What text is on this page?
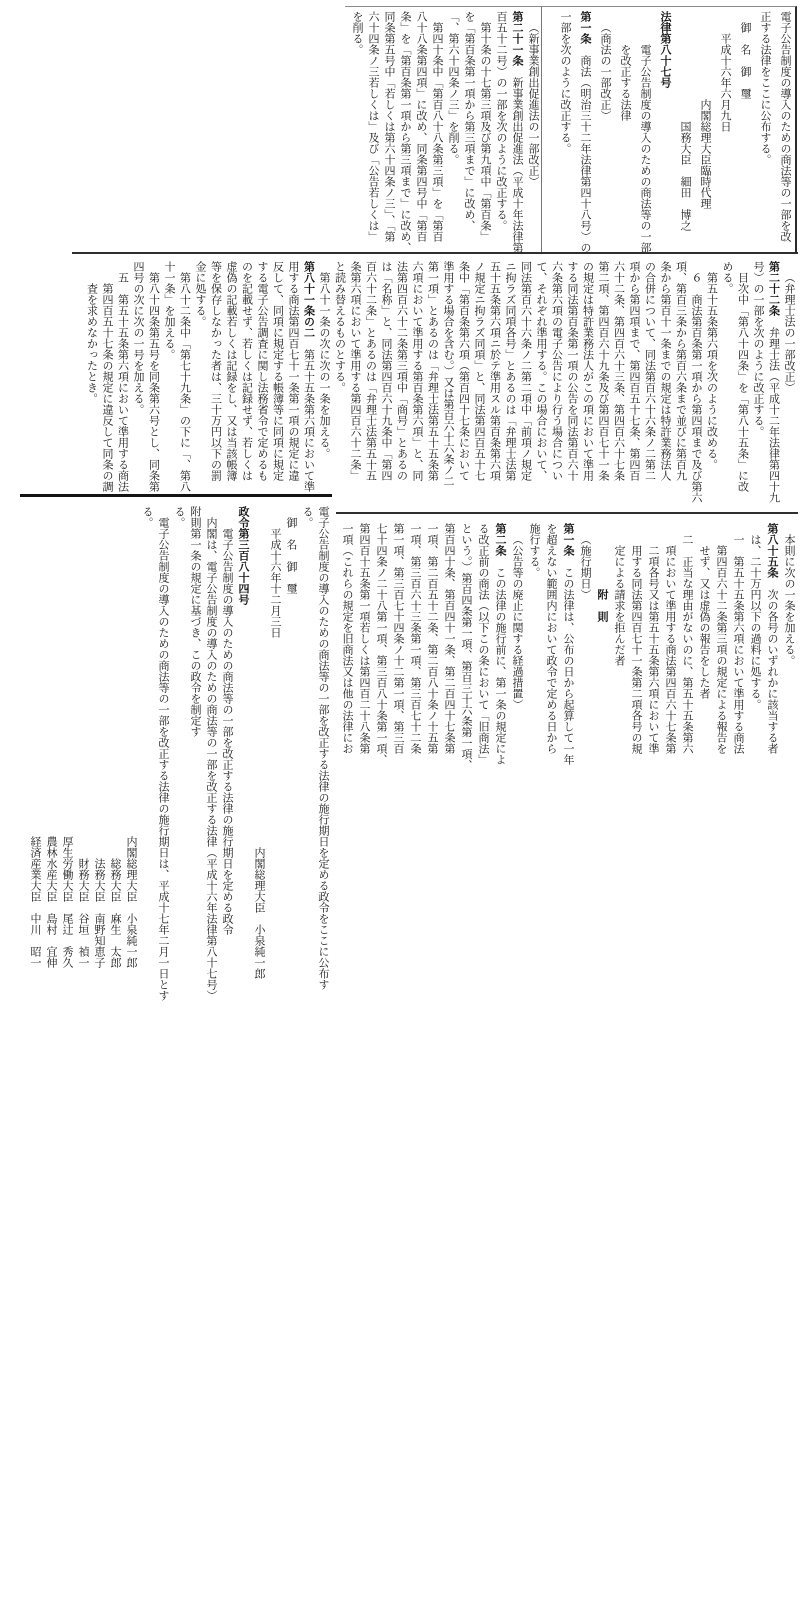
（新事業創出促進法の一部改正）

第二十一条　新事業創出促進法（平成十年法律第

百五十二号）の一部を次のように改正する。

第十条の十七第三項及び第九項中「第百条」

を「第百条第一項から第三項まで」に改め、

「、第六十四条ノ三」を削る。

第四十条中「第百八十八条第三項」を「第百

八十八条第四項」に改め、同条第四号中「第百

条」を「第百条第一項から第三項まで」に改め、

同条第五号中「若しくは第六十四条ノ三」、「第

六十四条ノ三若しくは」及び「公告若しくは」

を削る。	電子公告制度の導入のための商法等の一部を改

正する法律をここに公布する。

御　名　御　璽

平成十六年六月九日

内閣総理大臣臨時代理

国務大臣　細田　博之

法律第八十七号

電子公告制度の導入のための商法等の一部

を改正する法律

（商法の一部改正）

第一条　商法（明治三十二年法律第四十八号）の

一部を次のように改正する。

（弁理士法の一部改正）

第二十二条　弁理士法（平成十二年法律第四十九

号）の一部を次のように改正する。

目次中「第八十四条」を「第八十五条」に改

める。

第五十五条第六項を次のように改める。

６　商法第百条第一項から第四項まで及び第六

項、第百三条から第百六条まで並びに第百九

条から第百十一条までの規定は特許業務法人

の合併について、同法第百六十六条ノ二第二

項から第四項まで、第四百五十七条、第四百

六十二条、第四百六十三条、第四百六十七条

第二項、第四百六十九条及び第四百七十一条

の規定は特許業務法人がこの項において準用

する同法第百条第一項の公告を同法第百六十

六条第六項の電子公告により行う場合につい

て、それぞれ準用する。この場合において、

同法第百六十六条ノ二第二項中「前項ノ規定

ニ拘ラズ同項各号」とあるのは「弁理士法第

五十五条第六項ニ於テ準用スル第百条第六項

ノ規定ニ拘ラズ同項」と、同法第四百五十七

条中「第百条第六項（第百四十七条において

準用する場合を含む。）又は第百六十六条ノ二

第一項」とあるのは「弁理士法第五十五条第

六項において準用する第百条第六項」と、同

法第四百六十二条第三項中「商号」とあるの

は「名称」と、同法第四百六十九条中「第四

百六十二条」とあるのは「弁理士法第五十五

条第六項において準用する第四百六十二条」

と読み替えるものとする。

第八十一条の次に次の一条を加える。

第八十一条の二　第五十五条第六項において準

用する商法第四百七十一条第一項の規定に違

反して、同項に規定する帳簿等に同項に規定

する電子公告調査に関し法務省令で定めるも

のを記載せず、若しくは記録せず、若しくは

虚偽の記載若しくは記録をし、又は当該帳簿

等を保存しなかった者は、三十万円以下の罰

金に処する。

第八十二条中「第七十九条」の下に「、第八

十一条」を加える。

第八十四条第五号を同条第六号とし、同条第

四号の次に次の一号を加える。

五　第五十五条第六項において準用する商法

第四百五十七条の規定に違反して同条の調

査を求めなかったとき。

本則に次の一条を加える。

第八十五条　次の各号のいずれかに該当する者

は、二十万円以下の過料に処する。

一　第五十五条第六項において準用する商法

第四百六十二条第三項の規定による報告を

せず、又は虚偽の報告をした者

二　正当な理由がないのに、第五十五条第六

項において準用する商法第四百六十七条第

二項各号又は第五十五条第六項において準

用する同法第四百七十一条第二項各号の規

定による請求を拒んだ者

附　則

（施行期日）

第一条　この法律は、公布の日から起算して一年

を超えない範囲内において政令で定める日から

施行する。

（公告等の廃止に関する経過措置）

第二条　この法律の施行前に、第一条の規定によ

る改正前の商法（以下この条において「旧商法」

という。）第百四条第一項、第百三十六条第一項、

第百四十条、第百四十一条、第二百四十七条第

一項、第二百五十二条、第二百八十条ノ十五第

一項、第三百六十三条第一項、第三百七十二条

第一項、第三百七十四条ノ十二第一項、第三百

七十四条ノ二十八第一項、第三百八十条第一項、

第四百十五条第一項若しくは第四百二十八条第

一項（これらの規定を旧商法又は他の法律にお

電子公告制度の導入のための商法等の一部を改正する法律の施行期日を定める政令をここに公布す

る。

御　名　御　璽

平成十六年十二月三日

内閣総理大臣　小泉純一郎

政令第三百八十四号

電子公告制度の導入のための商法等の一部を改正する法律の施行期日を定める政令

内閣は、電子公告制度の導入のための商法等の一部を改正する法律（平成十六年法律第八十七号）

附則第一条の規定に基づき、この政令を制定す

る。

電子公告制度の導入のための商法等の一部を改正する法律の施行期日は、平成十七年二月一日とす

る。

内閣総理大臣　小泉純一郎

総務大臣　麻生　太郎

法務大臣　南野知恵子

財務大臣　谷垣　禎一

厚生労働大臣　尾辻　秀久

農林水産大臣　島村　宜伸

経済産業大臣　中川　昭一
